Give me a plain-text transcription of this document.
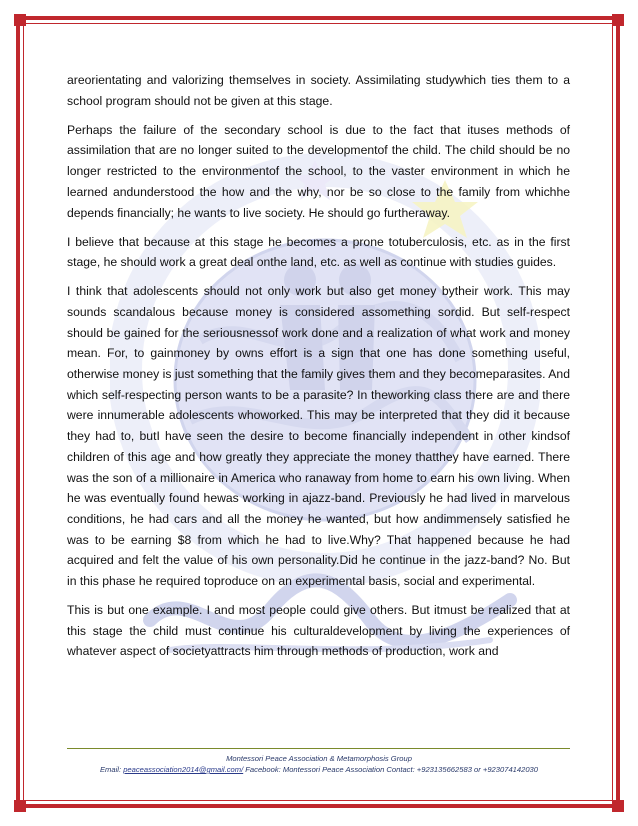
areorientating and valorizing themselves in society. Assimilating studywhich ties them to a school program should not be given at this stage.

Perhaps the failure of the secondary school is due to the fact that ituses methods of assimilation that are no longer suited to the developmentof the child. The child should be no longer restricted to the environmentof the school, to the vaster environment in which he learned andunderstood the how and the why, nor be so close to the family from whichhe depends financially; he wants to live society. He should go furtheraway.

I believe that because at this stage he becomes a prone totuberculosis, etc. as in the first stage, he should work a great deal onthe land, etc. as well as continue with studies guides.

I think that adolescents should not only work but also get money bytheir work. This may sounds scandalous because money is considered assomething sordid. But self-respect should be gained for the seriousnessof work done and a realization of what work and money mean. For, to gainmoney by owns effort is a sign that one has done something useful, otherwise money is just something that the family gives them and they becomeparasites. And which self-respecting person wants to be a parasite? In theworking class there are and there were innumerable adolescents whoworked. This may be interpreted that they did it because they had to, butI have seen the desire to become financially independent in other kindsof children of this age and how greatly they appreciate the money thatthey have earned. There was the son of a millionaire in America who ranaway from home to earn his own living. When he was eventually found hewas working in ajazz-band. Previously he had lived in marvelous conditions, he had cars and all the money he wanted, but how andimmensely satisfied he was to be earning $8 from which he had to live.Why? That happened because he had acquired and felt the value of his own personality.Did he continue in the jazz-band? No. But in this phase he required toproduce on an experimental basis, social and experimental.

This is but one example. I and most people could give others. But itmust be realized that at this stage the child must continue his culturaldevelopment by living the experiences of whatever aspect of societyattracts him through methods of production, work and

Montessori Peace Association & Metamorphosis Group
Email: peaceassociation2014@gmail.com/ Facebook: Montessori Peace Association Contact: +923135662583 or +923074142030
